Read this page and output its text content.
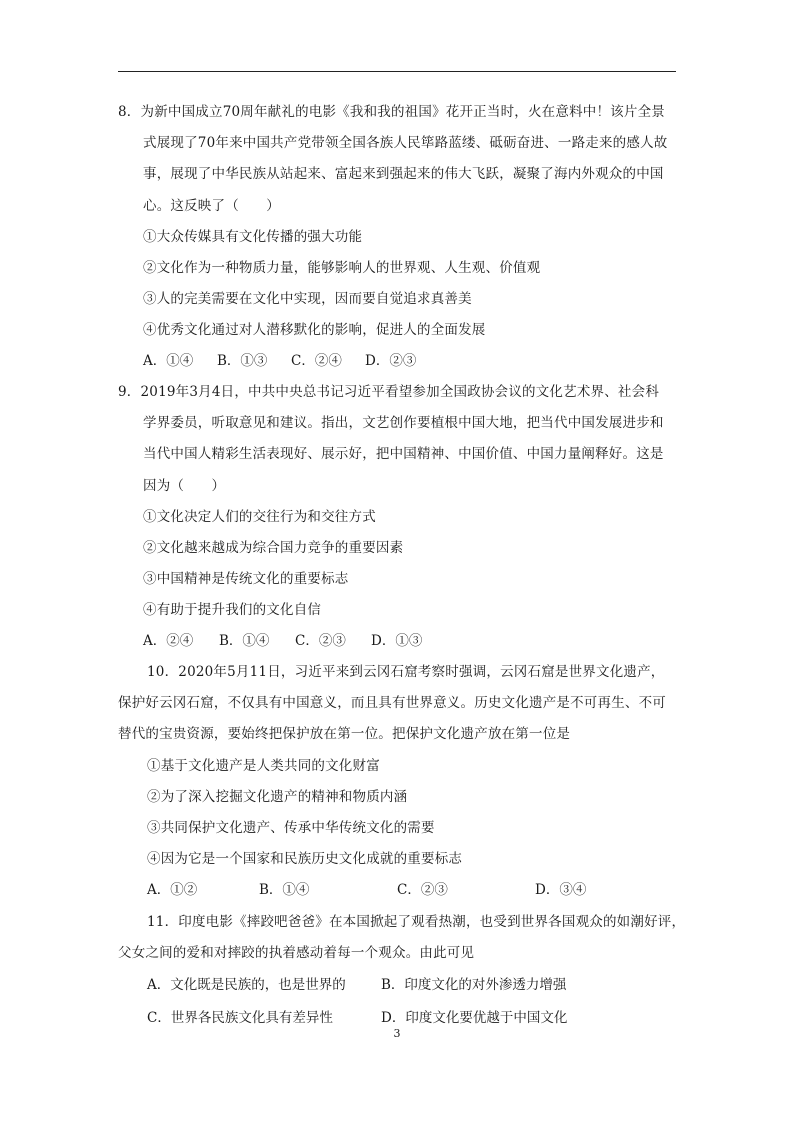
8．为新中国成立70周年献礼的电影《我和我的祖国》花开正当时，火在意料中！该片全景
式展现了70年来中国共产党带领全国各族人民筚路蓝缕、砥砺奋进、一路走来的感人故
事，展现了中华民族从站起来、富起来到强起来的伟大飞跃，凝聚了海内外观众的中国
心。这反映了（　　）
①大众传媒具有文化传播的强大功能
②文化作为一种物质力量，能够影响人的世界观、人生观、价值观
③人的完美需要在文化中实现，因而要自觉追求真善美
④优秀文化通过对人潜移默化的影响，促进人的全面发展
A．①④ B．①③ C．②④ D．②③
9．2019年3月4日，中共中央总书记习近平看望参加全国政协会议的文化艺术界、社会科
学界委员，听取意见和建议。指出，文艺创作要植根中国大地，把当代中国发展进步和
当代中国人精彩生活表现好、展示好，把中国精神、中国价值、中国力量阐释好。这是
因为（　　）
①文化决定人们的交往行为和交往方式
②文化越来越成为综合国力竞争的重要因素
③中国精神是传统文化的重要标志
④有助于提升我们的文化自信
A．②④ B．①④ C．②③ D．①③
10．2020年5月11日，习近平来到云冈石窟考察时强调，云冈石窟是世界文化遗产，
保护好云冈石窟，不仅具有中国意义，而且具有世界意义。历史文化遗产是不可再生、不可
替代的宝贵资源，要始终把保护放在第一位。把保护文化遗产放在第一位是
①基于文化遗产是人类共同的文化财富
②为了深入挖掘文化遗产的精神和物质内涵
③共同保护文化遗产、传承中华传统文化的需要
④因为它是一个国家和民族历史文化成就的重要标志
A．①②	B．①④	C．②③	D．③④
11．印度电影《摔跤吧爸爸》在本国掀起了观看热潮，也受到世界各国观众的如潮好评，
父女之间的爱和对摔跤的执着感动着每一个观众。由此可见
A．文化既是民族的，也是世界的	B．印度文化的对外渗透力增强
C．世界各民族文化具有差异性	D．印度文化要优越于中国文化
3
